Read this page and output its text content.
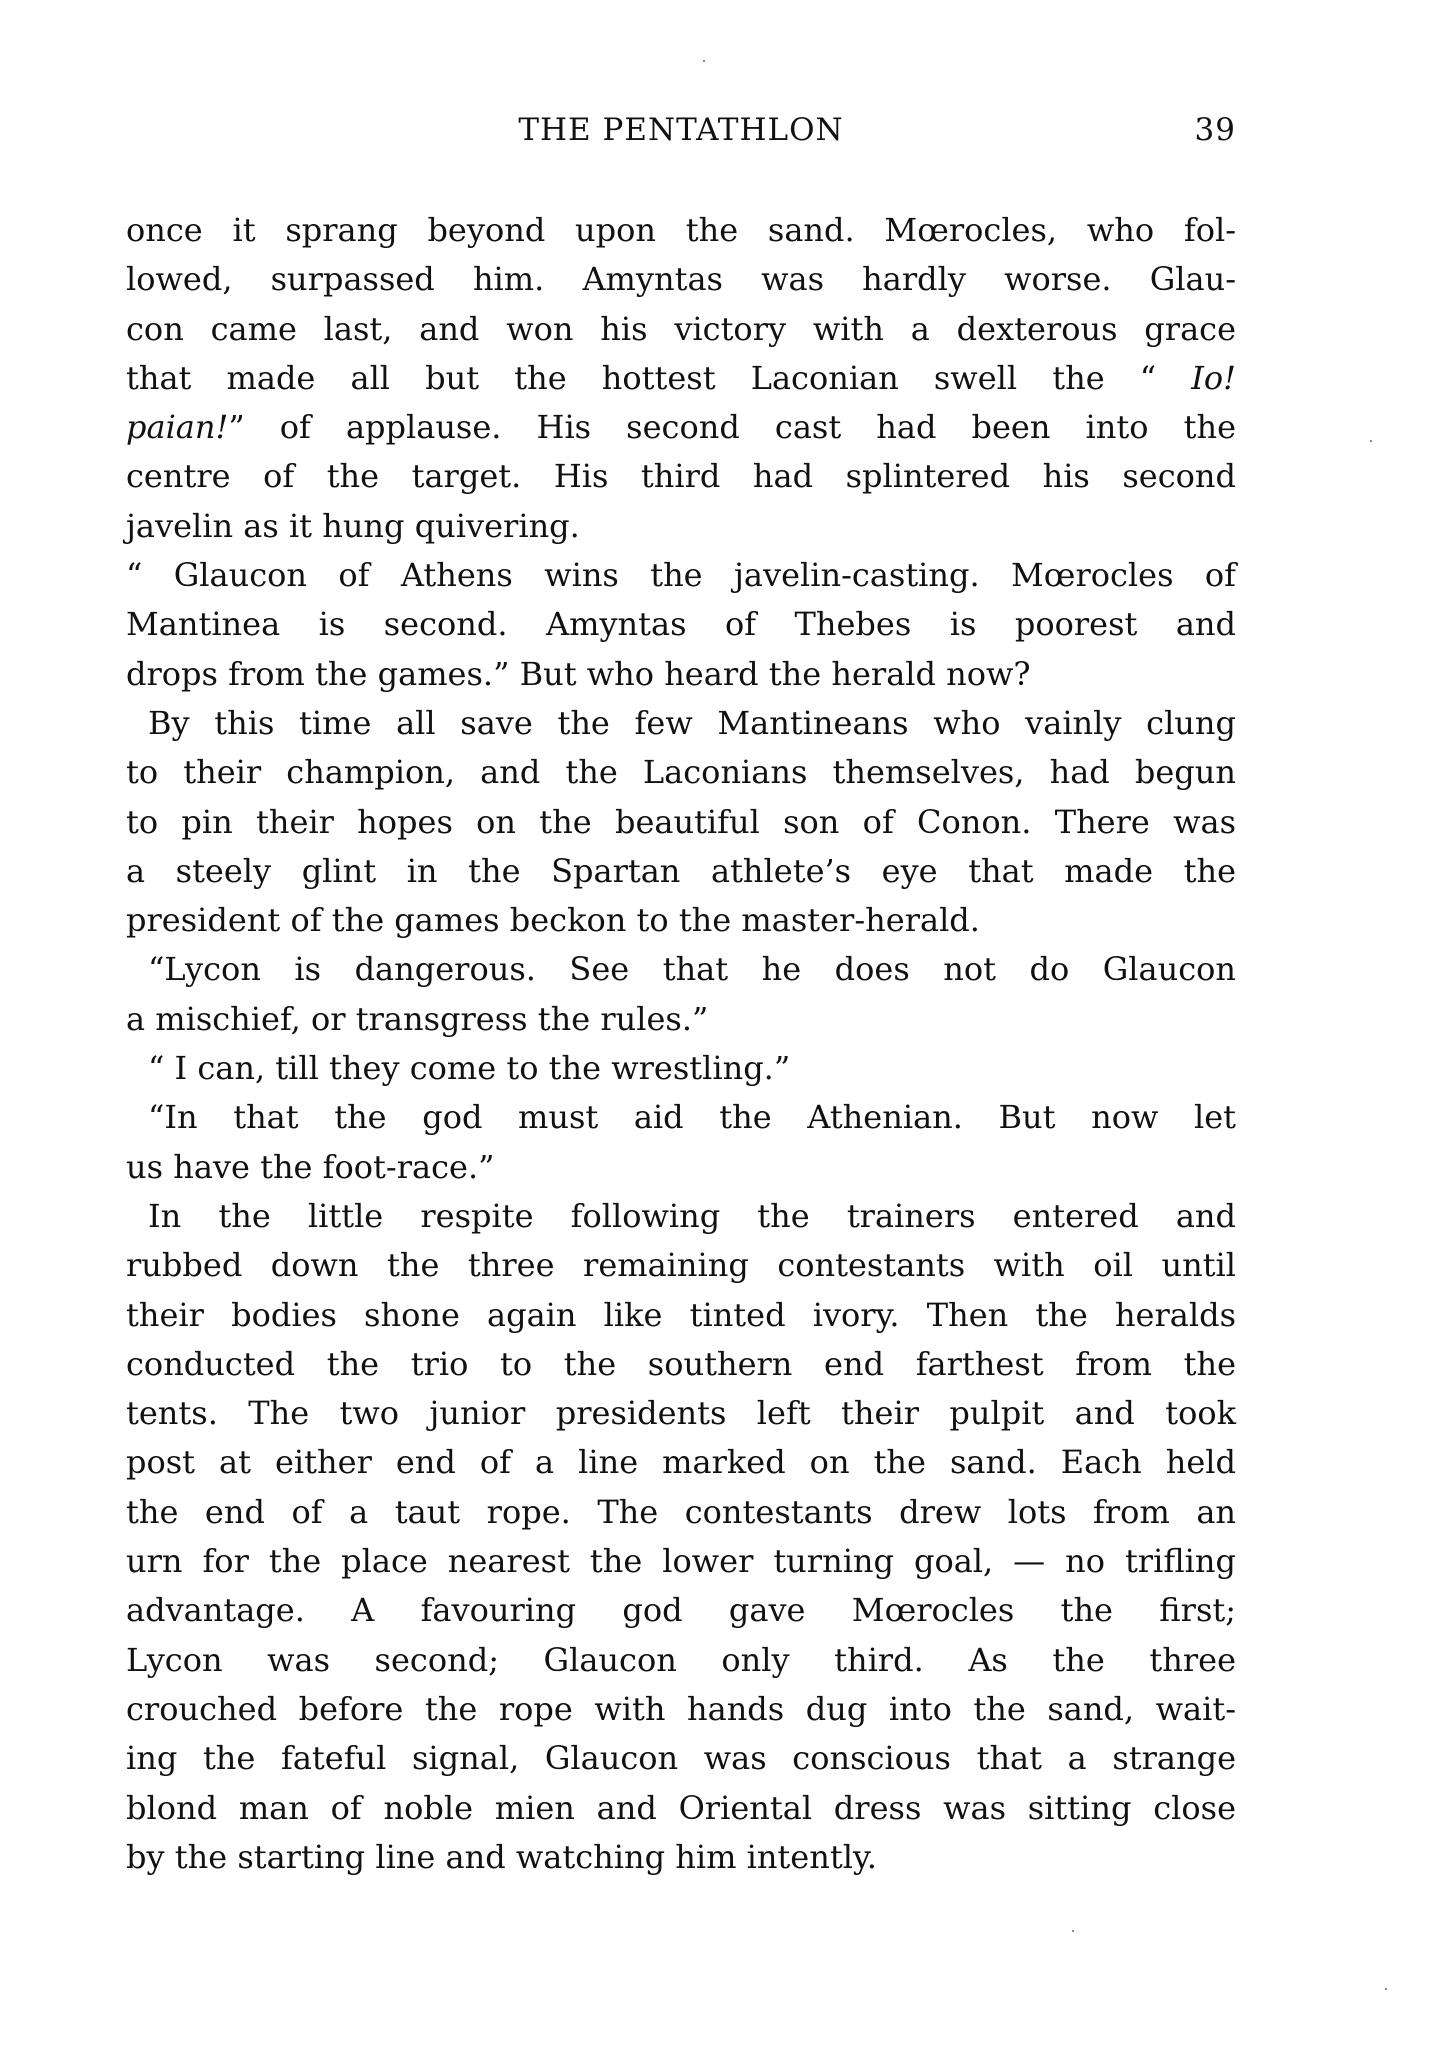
THE PENTATHLON	39
once it sprang beyond upon the sand. Mœrocles, who fol-
lowed, surpassed him. Amyntas was hardly worse. Glau-
con came last, and won his victory with a dexterous grace
that made all but the hottest Laconian swell the “ Io!
paian!” of applause. His second cast had been into the
centre of the target. His third had splintered his second
javelin as it hung quivering.
“ Glaucon of Athens wins the javelin-casting. Mœrocles of
Mantinea is second. Amyntas of Thebes is poorest and
drops from the games.” But who heard the herald now?
By this time all save the few Mantineans who vainly clung
to their champion, and the Laconians themselves, had begun
to pin their hopes on the beautiful son of Conon. There was
a steely glint in the Spartan athlete’s eye that made the
president of the games beckon to the master-herald.
“Lycon is dangerous. See that he does not do Glaucon
a mischief, or transgress the rules.”
“ I can, till they come to the wrestling.”
“In that the god must aid the Athenian. But now let
us have the foot-race.”
In the little respite following the trainers entered and
rubbed down the three remaining contestants with oil until
their bodies shone again like tinted ivory. Then the heralds
conducted the trio to the southern end farthest from the
tents. The two junior presidents left their pulpit and took
post at either end of a line marked on the sand. Each held
the end of a taut rope. The contestants drew lots from an
urn for the place nearest the lower turning goal, — no trifling
advantage. A favouring god gave Mœrocles the first;
Lycon was second; Glaucon only third. As the three
crouched before the rope with hands dug into the sand, wait-
ing the fateful signal, Glaucon was conscious that a strange
blond man of noble mien and Oriental dress was sitting close
by the starting line and watching him intently.
